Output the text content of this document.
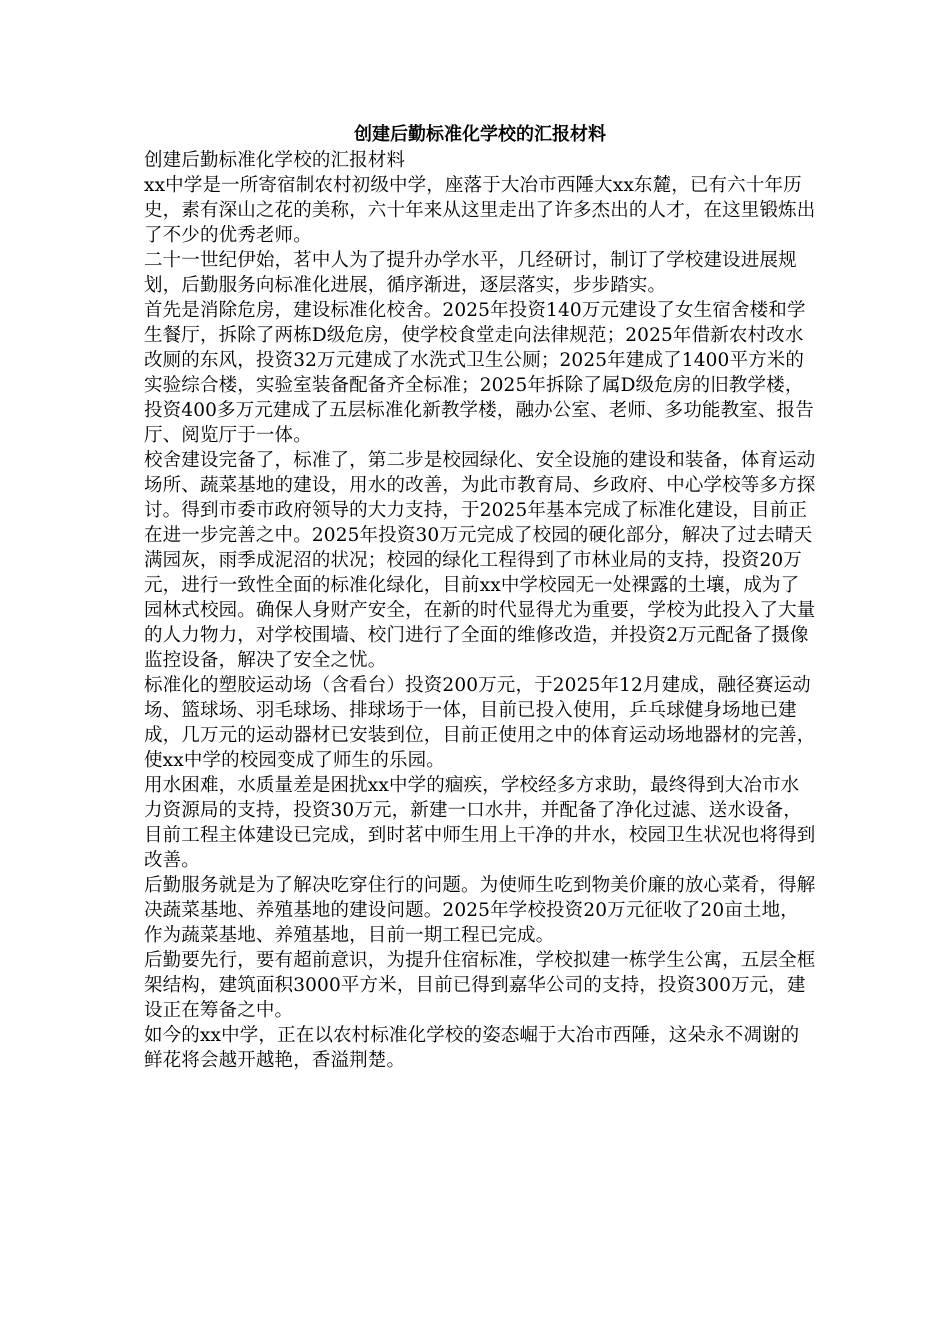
创建后勤标准化学校的汇报材料

创建后勤标准化学校的汇报材料

xx中学是一所寄宿制农村初级中学，座落于大冶市西陲大xx东麓，已有六十年历史，素有深山之花的美称，六十年来从这里走出了许多杰出的人才，在这里锻炼出了不少的优秀老师。

二十一世纪伊始，茗中人为了提升办学水平，几经研讨，制订了学校建设进展规划，后勤服务向标准化进展，循序渐进，逐层落实，步步踏实。

首先是消除危房，建设标准化校舍。2025年投资140万元建设了女生宿舍楼和学生餐厅，拆除了两栋D级危房，使学校食堂走向法律规范；2025年借新农村改水改厕的东风，投资32万元建成了水洗式卫生公厕；2025年建成了1400平方米的实验综合楼，实验室装备配备齐全标准；2025年拆除了属D级危房的旧教学楼，投资400多万元建成了五层标准化新教学楼，融办公室、老师、多功能教室、报告厅、阅览厅于一体。

校舍建设完备了，标准了，第二步是校园绿化、安全设施的建设和装备，体育运动场所、蔬菜基地的建设，用水的改善，为此市教育局、乡政府、中心学校等多方探讨。得到市委市政府领导的大力支持，于2025年基本完成了标准化建设，目前正在进一步完善之中。2025年投资30万元完成了校园的硬化部分，解决了过去晴天满园灰，雨季成泥沼的状况；校园的绿化工程得到了市林业局的支持，投资20万元，进行一致性全面的标准化绿化，目前xx中学校园无一处裸露的土壤，成为了园林式校园。确保人身财产安全，在新的时代显得尤为重要，学校为此投入了大量的人力物力，对学校围墙、校门进行了全面的维修改造，并投资2万元配备了摄像监控设备，解决了安全之忧。

标准化的塑胶运动场（含看台）投资200万元，于2025年12月建成，融径赛运动场、篮球场、羽毛球场、排球场于一体，目前已投入使用，乒乓球健身场地已建成，几万元的运动器材已安装到位，目前正使用之中的体育运动场地器材的完善，使xx中学的校园变成了师生的乐园。

用水困难，水质量差是困扰xx中学的痼疾，学校经多方求助，最终得到大冶市水力资源局的支持，投资30万元，新建一口水井，并配备了净化过滤、送水设备，目前工程主体建设已完成，到时茗中师生用上干净的井水，校园卫生状况也将得到改善。

后勤服务就是为了解决吃穿住行的问题。为使师生吃到物美价廉的放心菜肴，得解决蔬菜基地、养殖基地的建设问题。2025年学校投资20万元征收了20亩土地，作为蔬菜基地、养殖基地，目前一期工程已完成。

后勤要先行，要有超前意识，为提升住宿标准，学校拟建一栋学生公寓，五层全框架结构，建筑面积3000平方米，目前已得到嘉华公司的支持，投资300万元，建设正在筹备之中。

如今的xx中学，正在以农村标准化学校的姿态崛于大冶市西陲，这朵永不凋谢的鲜花将会越开越艳，香溢荆楚。
